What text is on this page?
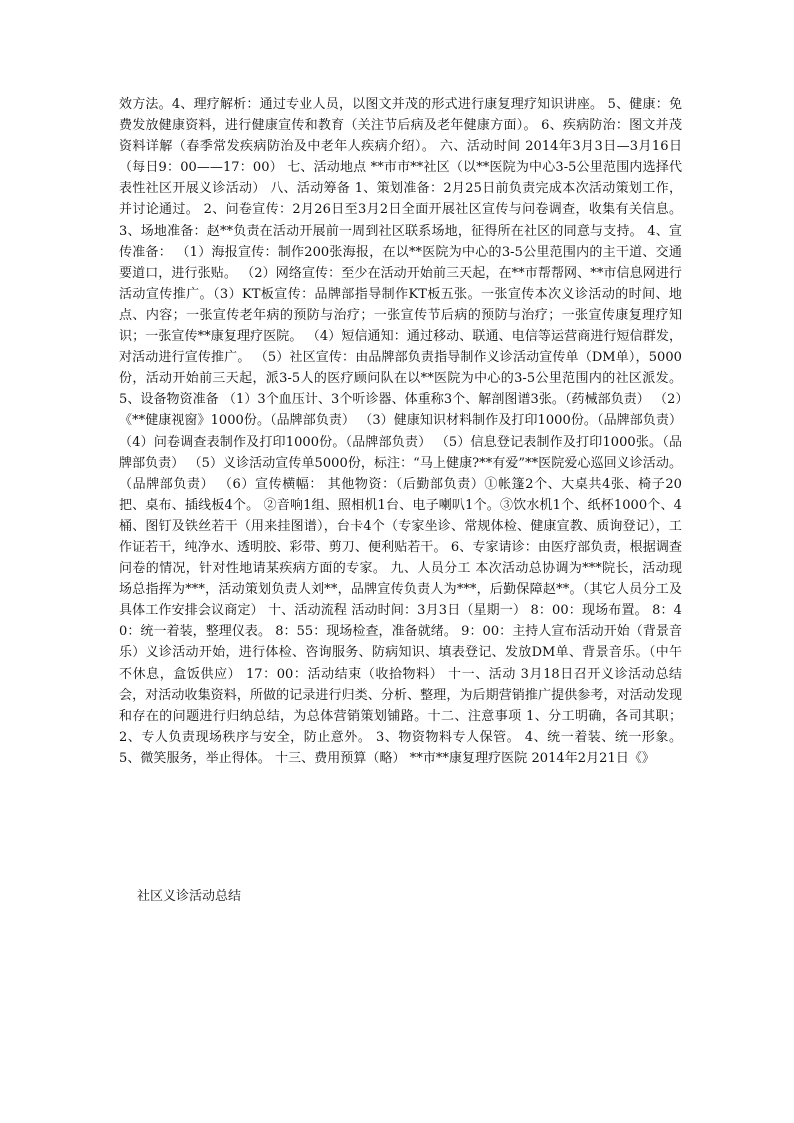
效方法。4、理疗解析：通过专业人员，以图文并茂的形式进行康复理疗知识讲座。 5、健康：免费发放健康资料，进行健康宣传和教育（关注节后病及老年健康方面）。 6、疾病防治：图文并茂资料详解（春季常发疾病防治及中老年人疾病介绍）。 六、活动时间 2014年3月3日—3月16日（每日9：00——17：00） 七、活动地点 **市市**社区（以**医院为中心3-5公里范围内选择代表性社区开展义诊活动） 八、活动筹备 1、策划准备：2月25日前负责完成本次活动策划工作，并讨论通过。 2、问卷宣传：2月26日至3月2日全面开展社区宣传与问卷调查，收集有关信息。 3、场地准备：赵**负责在活动开展前一周到社区联系场地，征得所在社区的同意与支持。 4、宣传准备： （1）海报宣传：制作200张海报，在以**医院为中心的3-5公里范围内的主干道、交通要道口，进行张贴。 （2）网络宣传：至少在活动开始前三天起，在**市帮帮网、**市信息网进行活动宣传推广。（3）KT板宣传：品牌部指导制作KT板五张。一张宣传本次义诊活动的时间、地点、内容；一张宣传老年病的预防与治疗；一张宣传节后病的预防与治疗；一张宣传康复理疗知识；一张宣传**康复理疗医院。 （4）短信通知：通过移动、联通、电信等运营商进行短信群发，对活动进行宣传推广。 （5）社区宣传：由品牌部负责指导制作义诊活动宣传单（DM单），5000份，活动开始前三天起，派3-5人的医疗顾问队在以**医院为中心的3-5公里范围内的社区派发。 5、设备物资准备 （1）3个血压计、3个听诊器、体重称3个、解剖图谱3张。（药械部负责） （2）《**健康视窗》1000份。（品牌部负责） （3）健康知识材料制作及打印1000份。（品牌部负责） （4）问卷调查表制作及打印1000份。（品牌部负责） （5）信息登记表制作及打印1000张。（品牌部负责） （5）义诊活动宣传单5000份，标注：“马上健康?**有爱”**医院爱心巡回义诊活动。（品牌部负责） （6）宣传横幅： 其他物资：（后勤部负责）①帐篷2个、大桌共4张、椅子20把、桌布、插线板4个。 ②音响1组、照相机1台、电子喇叭1个。③饮水机1个、纸杯1000个、4桶、图钉及铁丝若干（用来挂图谱），台卡4个（专家坐诊、常规体检、健康宣教、质询登记），工作证若干，纯净水、透明胶、彩带、剪刀、便利贴若干。 6、专家请诊：由医疗部负责，根据调查问卷的情况，针对性地请某疾病方面的专家。 九、人员分工 本次活动总协调为***院长，活动现场总指挥为***，活动策划负责人刘**，品牌宣传负责人为***，后勤保障赵**。（其它人员分工及具体工作安排会议商定） 十、活动流程 活动时间：3月3日（星期一） 8：00：现场布置。 8：40：统一着装，整理仪表。 8：55：现场检查，准备就绪。 9：00：主持人宣布活动开始（背景音乐）义诊活动开始，进行体检、咨询服务、防病知识、填表登记、发放DM单、背景音乐。（中午不休息，盒饭供应） 17：00：活动结束（收拾物料） 十一、活动 3月18日召开义诊活动总结会，对活动收集资料，所做的记录进行归类、分析、整理，为后期营销推广提供参考，对活动发现和存在的问题进行归纳总结，为总体营销策划铺路。十二、注意事项 1、分工明确，各司其职； 2、专人负责现场秩序与安全，防止意外。 3、物资物料专人保管。 4、统一着装、统一形象。 5、微笑服务，举止得体。 十三、费用预算（略） **市**康复理疗医院 2014年2月21日《》

社区义诊活动总结
